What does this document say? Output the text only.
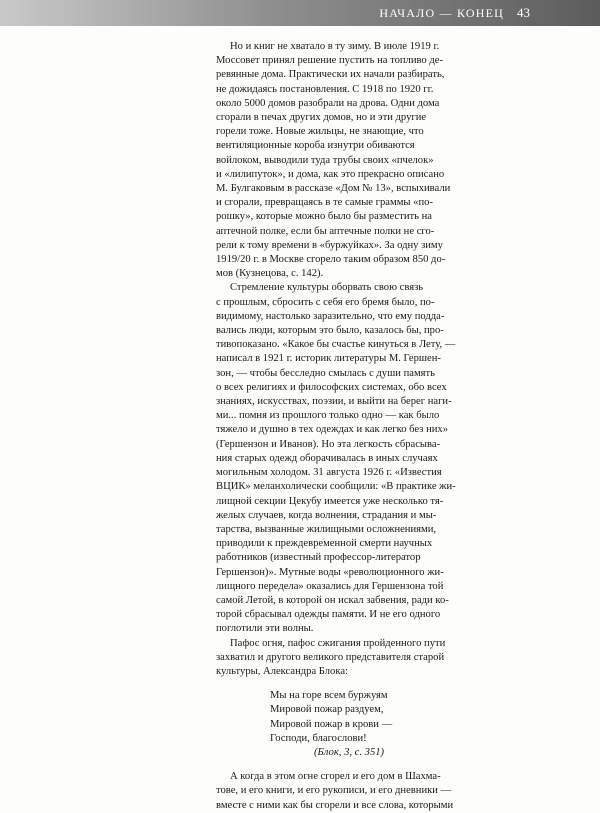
НАЧАЛО — КОНЕЦ 43

Но и книг не хватало в ту зиму. В июле 1919 г.
Моссовет принял решение пустить на топливо де-
ревянные дома. Практически их начали разбирать,
не дожидаясь постановления. С 1918 по 1920 гг.
около 5000 домов разобрали на дрова. Одни дома
сгорали в печах других домов, но и эти другие
горели тоже. Новые жильцы, не знающие, что
вентиляционные короба изнутри обиваются
войлоком, выводили туда трубы своих «пчелок»
и «лилипуток», и дома, как это прекрасно описано
М. Булгаковым в рассказе «Дом № 13», вспыхивали
и сгорали, превращаясь в те самые граммы «по-
рошку», которые можно было бы разместить на
аптечной полке, если бы аптечные полки не сго-
рели к тому времени в «буржуйках». За одну зиму
1919/20 г. в Москве сгорело таким образом 850 до-
мов (Кузнецова, с. 142).

Стремление культуры оборвать свою связь
с прошлым, сбросить с себя его бремя было, по-
видимому, настолько заразительно, что ему подда-
вались люди, которым это было, казалось бы, про-
тивопоказано. «Какое бы счастье кинуться в Лету, —
написал в 1921 г. историк литературы М. Гершен-
зон, — чтобы бесследно смылась с души память
о всех религиях и философских системах, обо всех
знаниях, искусствах, поэзии, и выйти на берег наги-
ми... помня из прошлого только одно — как было
тяжело и душно в тех одеждах и как легко без них»
(Гершензон и Иванов). Но эта легкость сбрасыва-
ния старых одежд оборачивалась в иных случаях
могильным холодом. 31 августа 1926 г. «Известия
ВЦИК» меланхолически сообщили: «В практике жи-
лищной секции Цекубу имеется уже несколько тя-
желых случаев, когда волнения, страдания и мы-
тарства, вызванные жилищными осложнениями,
приводили к преждевременной смерти научных
работников (известный профессор-литератор
Гершензон)». Мутные воды «революционного жи-
лищного передела» оказались для Гершензона той
самой Летой, в которой он искал забвения, ради ко-
торой сбрасывал одежды памяти. И не его одного
поглотили эти волны.

Пафос огня, пафос сжигания пройденного пути
захватил и другого великого представителя старой
культуры, Александра Блока:

Мы на горе всем буржуям
Мировой пожар раздуем,
Мировой пожар в крови —
Господи, благослови!
(Блок, 3, с. 351)

А когда в этом огне сгорел и его дом в Шахма-
тове, и его книги, и его рукописи, и его дневники —
вместе с ними как бы сгорели и все слова, которыми
